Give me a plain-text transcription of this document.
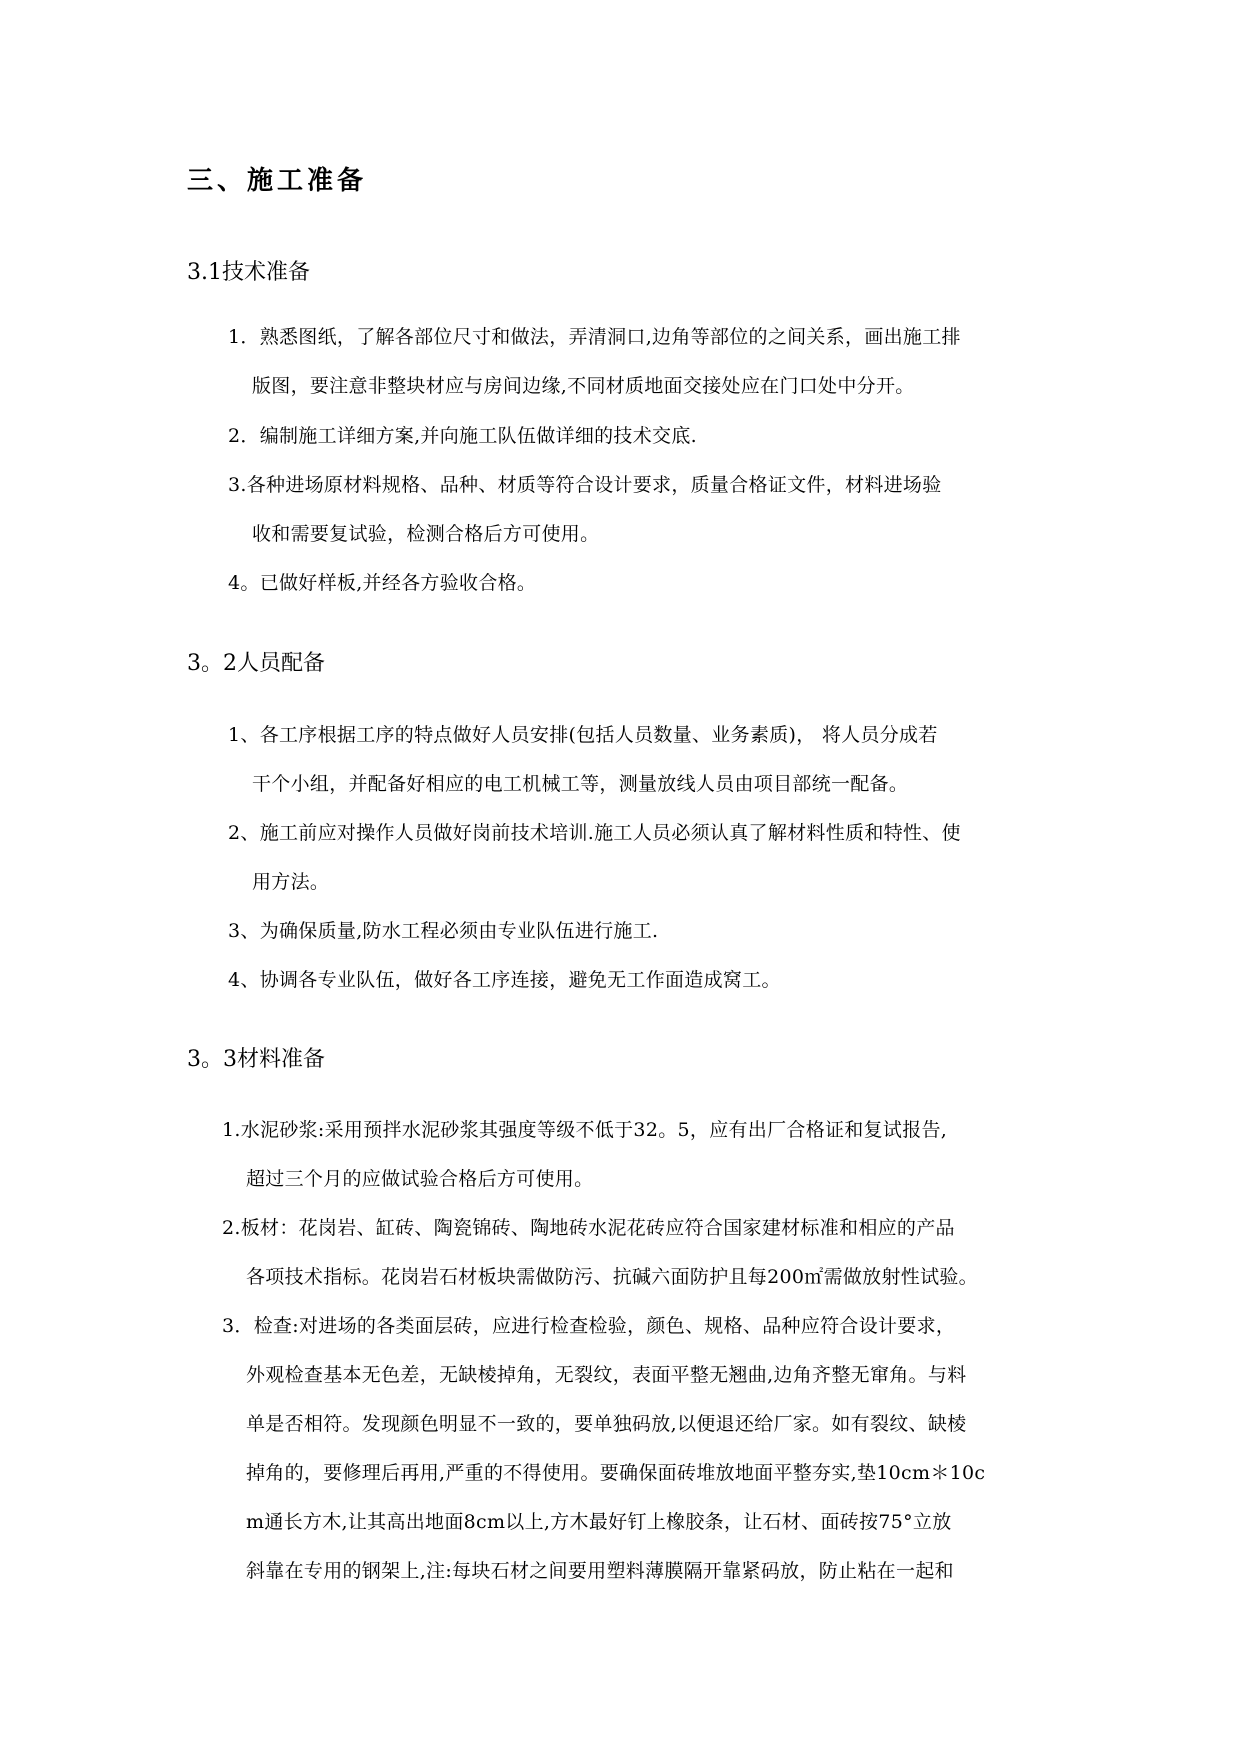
三、施工准备
3.1技术准备
1．熟悉图纸，了解各部位尺寸和做法，弄清洞口,边角等部位的之间关系，画出施工排
版图，要注意非整块材应与房间边缘,不同材质地面交接处应在门口处中分开。
2．编制施工详细方案,并向施工队伍做详细的技术交底.
3.各种进场原材料规格、品种、材质等符合设计要求，质量合格证文件，材料进场验
收和需要复试验，检测合格后方可使用。
4。已做好样板,并经各方验收合格。
3。2人员配备
1、各工序根据工序的特点做好人员安排(包括人员数量、业务素质)， 将人员分成若
干个小组，并配备好相应的电工机械工等，测量放线人员由项目部统一配备。
2、施工前应对操作人员做好岗前技术培训.施工人员必须认真了解材料性质和特性、使
用方法。
3、为确保质量,防水工程必须由专业队伍进行施工.
4、协调各专业队伍，做好各工序连接，避免无工作面造成窝工。
3。3材料准备
1.水泥砂浆:采用预拌水泥砂浆其强度等级不低于32。5，应有出厂合格证和复试报告,
超过三个月的应做试验合格后方可使用。
2.板材：花岗岩、缸砖、陶瓷锦砖、陶地砖水泥花砖应符合国家建材标准和相应的产品
各项技术指标。花岗岩石材板块需做防污、抗碱六面防护且每200㎡需做放射性试验。
3．检查:对进场的各类面层砖，应进行检查检验，颜色、规格、品种应符合设计要求，
外观检查基本无色差，无缺棱掉角，无裂纹，表面平整无翘曲,边角齐整无窜角。与料
单是否相符。发现颜色明显不一致的，要单独码放,以便退还给厂家。如有裂纹、缺棱
掉角的，要修理后再用,严重的不得使用。要确保面砖堆放地面平整夯实,垫10cm＊10c
m通长方木,让其高出地面8cm以上,方木最好钉上橡胶条，让石材、面砖按75°立放
斜靠在专用的钢架上,注:每块石材之间要用塑料薄膜隔开靠紧码放，防止粘在一起和
